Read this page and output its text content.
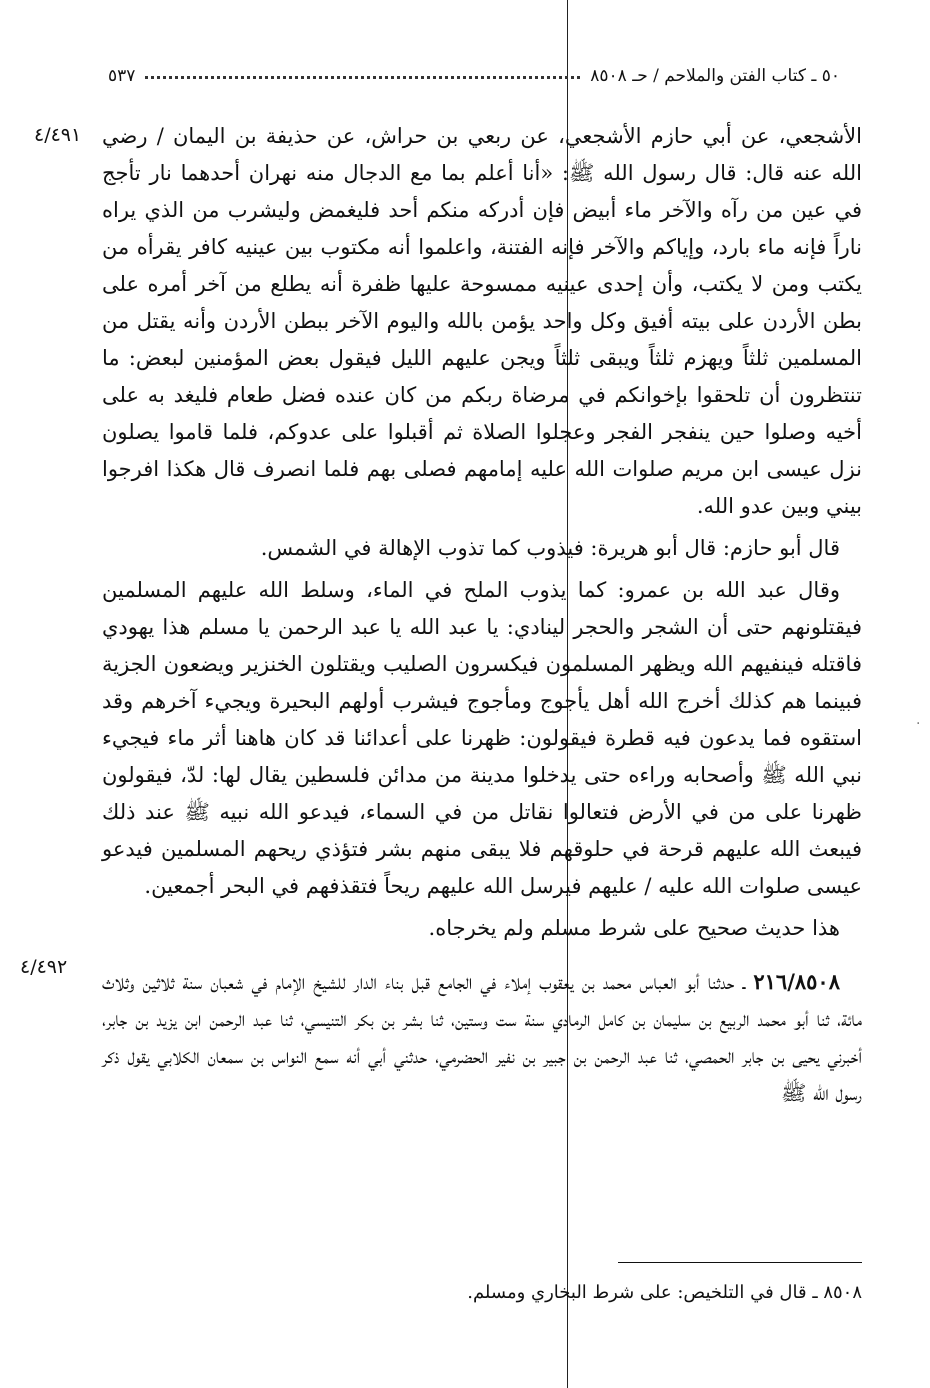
٥٠ ـ كتاب الفتن والملاحم / حـ ٨٥٠٨
٥٣٧
٤/٤٩١
٤/٤٩٢

الأشجعي، عن أبي حازم الأشجعي، عن ربعي بن حراش، عن حذيفة بن اليمان / رضي الله عنه قال: قال رسول الله ﷺ: «أنا أعلم بما مع الدجال منه نهران أحدهما نار تأجج في عين من رآه والآخر ماء أبيض فإن أدركه منكم أحد فليغمض وليشرب من الذي يراه ناراً فإنه ماء بارد، وإياكم والآخر فإنه الفتنة، واعلموا أنه مكتوب بين عينيه كافر يقرأه من يكتب ومن لا يكتب، وأن إحدى عينيه ممسوحة عليها ظفرة أنه يطلع من آخر أمره على بطن الأردن على بيته أفيق وكل واحد يؤمن بالله واليوم الآخر ببطن الأردن وأنه يقتل من المسلمين ثلثاً ويهزم ثلثاً ويبقى ثلثاً ويجن عليهم الليل فيقول بعض المؤمنين لبعض: ما تنتظرون أن تلحقوا بإخوانكم في مرضاة ربكم من كان عنده فضل طعام فليغد به على أخيه وصلوا حين ينفجر الفجر وعجلوا الصلاة ثم أقبلوا على عدوكم، فلما قاموا يصلون نزل عيسى ابن مريم صلوات الله عليه إمامهم فصلى بهم فلما انصرف قال هكذا افرجوا بيني وبين عدو الله.

قال أبو حازم: قال أبو هريرة: فيذوب كما تذوب الإهالة في الشمس.

وقال عبد الله بن عمرو: كما يذوب الملح في الماء، وسلط الله عليهم المسلمين فيقتلونهم حتى أن الشجر والحجر لينادي: يا عبد الله يا عبد الرحمن يا مسلم هذا يهودي فاقتله فينفيهم الله ويظهر المسلمون فيكسرون الصليب ويقتلون الخنزير ويضعون الجزية فبينما هم كذلك أخرج الله أهل يأجوج ومأجوج فيشرب أولهم البحيرة ويجيء آخرهم وقد استقوه فما يدعون فيه قطرة فيقولون: ظهرنا على أعدائنا قد كان هاهنا أثر ماء فيجيء نبي الله ﷺ وأصحابه وراءه حتى يدخلوا مدينة من مدائن فلسطين يقال لها: لدّ، فيقولون ظهرنا على من في الأرض فتعالوا نقاتل من في السماء، فيدعو الله نبيه ﷺ عند ذلك فيبعث الله عليهم قرحة في حلوقهم فلا يبقى منهم بشر فتؤذي ريحهم المسلمين فيدعو عيسى صلوات الله عليه / عليهم فيرسل الله عليهم ريحاً فتقذفهم في البحر أجمعين.

هذا حديث صحيح على شرط مسلم ولم يخرجاه.

٢١٦/٨٥٠٨ ـ حدثنا أبو العباس محمد بن يعقوب إملاء في الجامع قبل بناء الدار للشيخ الإمام في شعبان سنة ثلاثين وثلاث مائة، ثنا أبو محمد الربيع بن سليمان بن كامل الرمادي سنة ست وستين، ثنا بشر بن بكر التنيسي، ثنا عبد الرحمن ابن يزيد بن جابر، أخبرني يحيى بن جابر الحمصي، ثنا عبد الرحمن بن جبير بن نفير الحضرمي، حدثني أبي أنه سمع النواس بن سمعان الكلابي يقول ذكر رسول الله ﷺ

٨٥٠٨ ـ قال في التلخيص: على شرط البخاري ومسلم.
·
